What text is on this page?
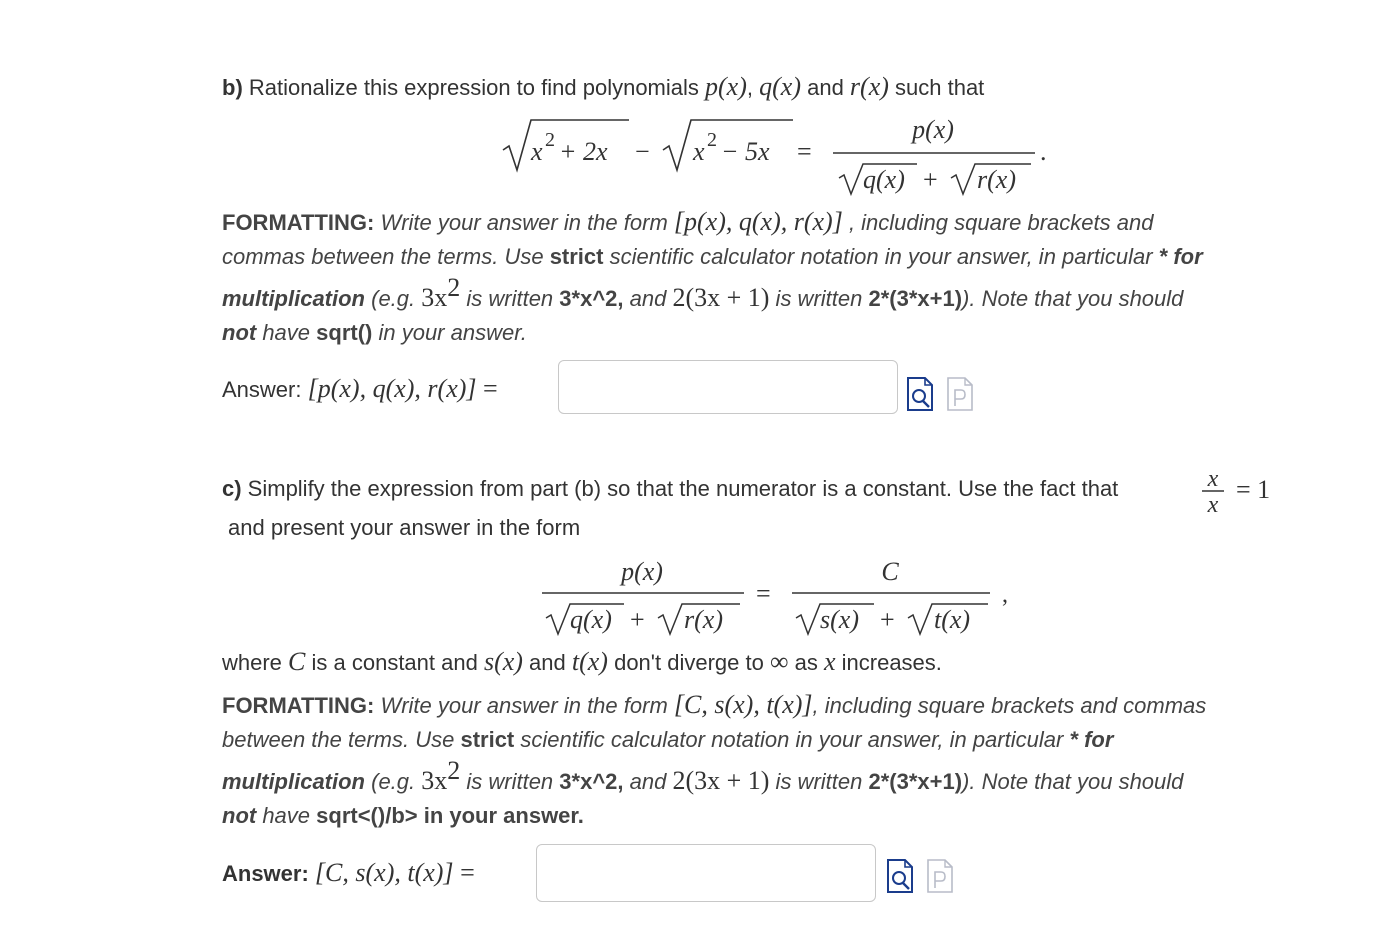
b) Rationalize this expression to find polynomials p(x), q(x) and r(x) such that
x 2 + 2x − x 2 − 5x =
p(x)
q(x) + r(x)
.
FORMATTING: Write your answer in the form [p(x), q(x), r(x)] , including square brackets and
commas between the terms. Use strict scientific calculator notation in your answer, in particular * for
multiplication (e.g. $3x^2$ is written 3*x^2, and 2(3x + 1) is written 2*(3*x+1)). Note that you should
not have sqrt() in your answer.
Answer: [p(x), q(x), r(x)] =
c) Simplify the expression from part (b) so that the numerator is a constant. Use the fact that	x
x
= 1
and present your answer in the form
p(x)
q(x) + r(x)
=
C
s(x) + t(x)
,
where C is a constant and s(x) and t(x) don't diverge to ∞ as x increases.
FORMATTING: Write your answer in the form [C, s(x), t(x)], including square brackets and commas
between the terms. Use strict scientific calculator notation in your answer, in particular * for
multiplication (e.g. $3x^2$ is written 3*x^2, and 2(3x + 1) is written 2*(3*x+1)). Note that you should
not have sqrt<()/b> in your answer.
Answer: [C, s(x), t(x)] =
